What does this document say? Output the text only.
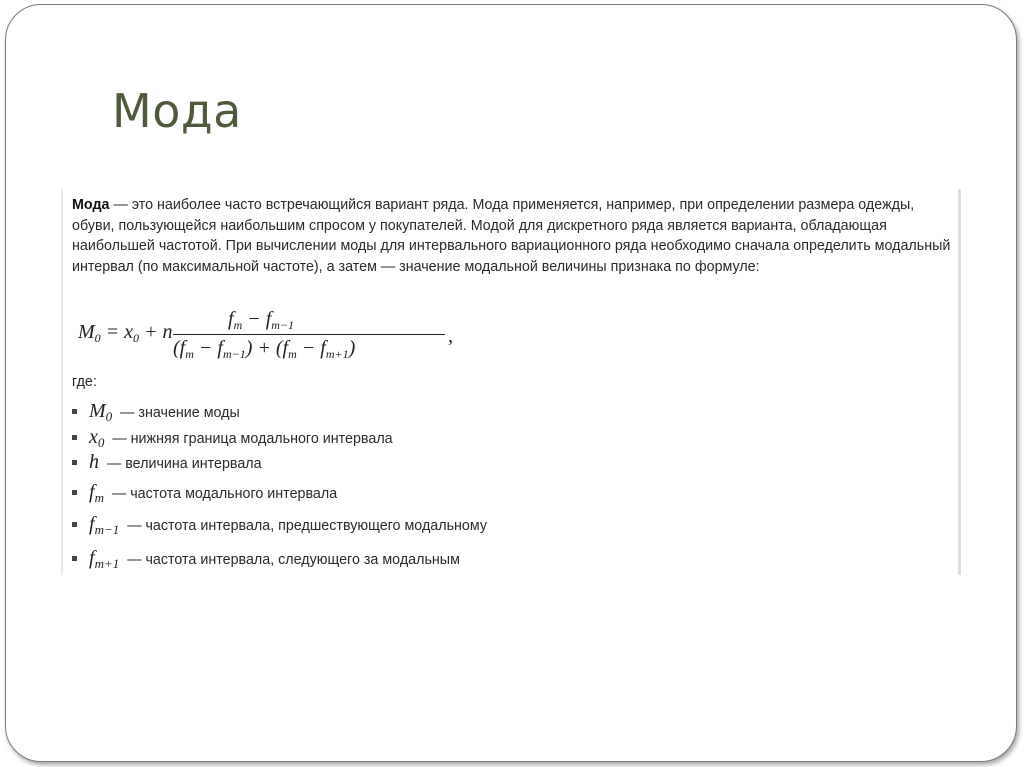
Мода
Мода — это наиболее часто встречающийся вариант ряда. Мода применяется, например, при определении размера одежды, обуви, пользующейся наибольшим спросом у покупателей. Модой для дискретного ряда является варианта, обладающая наибольшей частотой. При вычислении моды для интервального вариационного ряда необходимо сначала определить модальный интервал (по максимальной частоте), а затем — значение модальной величины признака по формуле:
$M_0 = x_0 + n$
$f_m - f_{m-1}$
$(f_m - f_{m-1}) + (f_m - f_{m+1})$
,
где:
$M_0$ — значение моды
$x_0$ — нижняя граница модального интервала
h — величина интервала
$f_m$ — частота модального интервала
$f_{m-1}$ — частота интервала, предшествующего модальному
$f_{m+1}$ — частота интервала, следующего за модальным
